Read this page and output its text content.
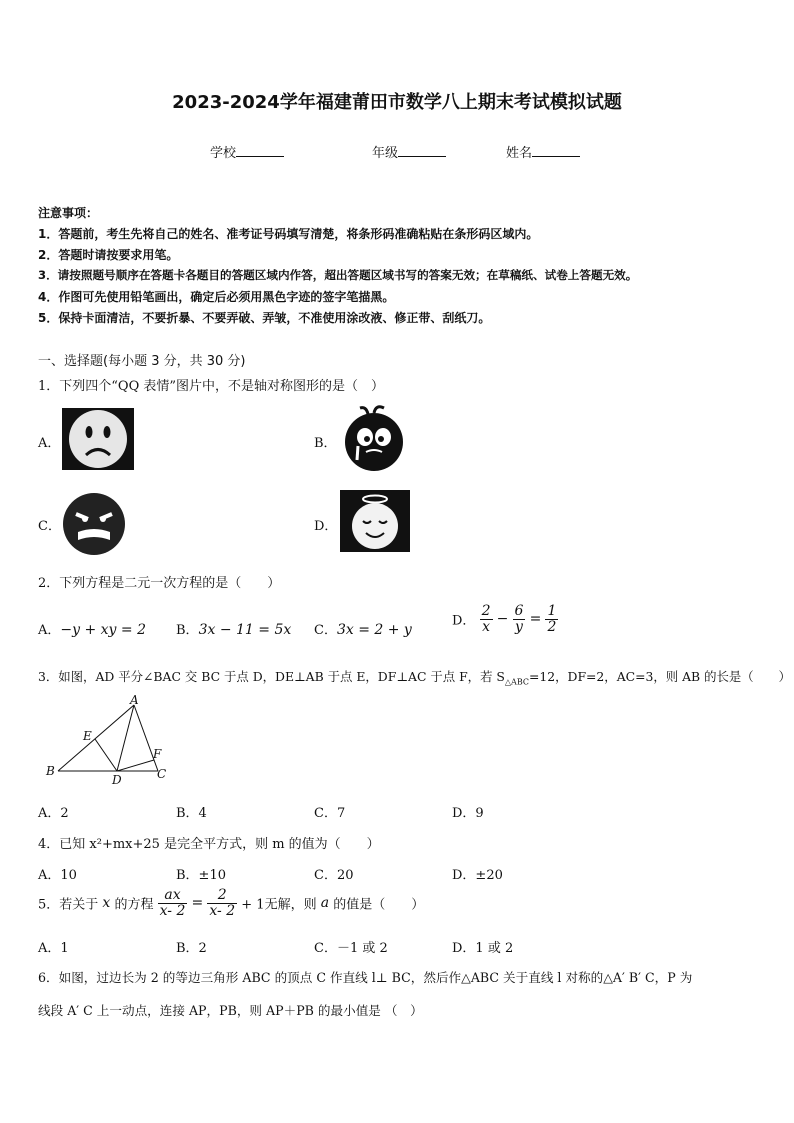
2023-2024学年福建莆田市数学八上期末考试模拟试题
学校	年级	姓名
注意事项：
1．答题前，考生先将自己的姓名、准考证号码填写清楚，将条形码准确粘贴在条形码区域内。
2．答题时请按要求用笔。
3．请按照题号顺序在答题卡各题目的答题区域内作答，超出答题区域书写的答案无效；在草稿纸、试卷上答题无效。
4．作图可先使用铅笔画出，确定后必须用黑色字迹的签字笔描黑。
5．保持卡面清洁，不要折暴、不要弄破、弄皱，不准使用涂改液、修正带、刮纸刀。
一、选择题(每小题 3 分，共 30 分)
1．下列四个“QQ 表情”图片中，不是轴对称图形的是（　）
A．	B．
C．	D．
2．下列方程是二元一次方程的是（　　）
A．−y + xy = 2 B．3x − 11 = 5x C．3x = 2 + y
D． $\frac{2}{x} - \frac{6}{y} = \frac{1}{2}$
3．如图，AD 平分∠BAC 交 BC 于点 D，DE⊥AB 于点 E，DF⊥AC 于点 F，若 $S_{\triangle ABC}=12$，DF=2，AC=3，则 AB 的长是（　　）
A
E
F
B
D	C
A．2	B．4	C．7	D．9
4．已知 x²+mx+25 是完全平方式，则 m 的值为（　　）
A．10	B．±10	C．20	D．±20
5．若关于 x 的方程 $\frac{ax}{x- 2} = \frac{2}{x- 2} + 1$无解，则 a 的值是（　　）
A．1	B．2	C．－1 或 2	D．1 或 2
6．如图，过边长为 2 的等边三角形 ABC 的顶点 C 作直线 l⊥ BC，然后作△ABC 关于直线 l 对称的△A′ B′ C，P 为
线段 A′ C 上一动点，连接 AP，PB，则 AP＋PB 的最小值是 （　）
